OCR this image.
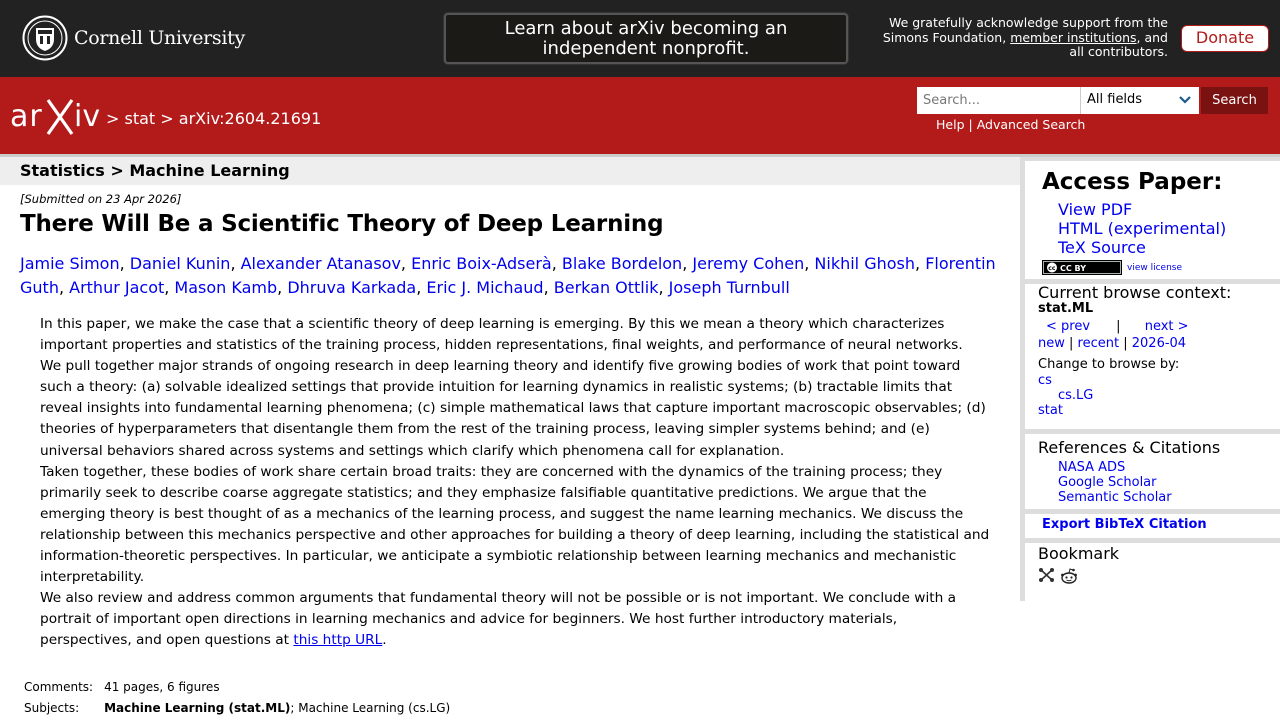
Cornell University	Learn about arXiv becoming an independent nonprofit.
We gratefully acknowledge support from the Simons Foundation, member institutions, and all contributors.
Donate
ar iv > stat > arXiv:2604.21691
Search...
All fields	Search
Help | Advanced Search
Statistics > Machine Learning
[Submitted on 23 Apr 2026]
There Will Be a Scientific Theory of Deep Learning
Jamie Simon, Daniel Kunin, Alexander Atanasov, Enric Boix-Adserà, Blake Bordelon, Jeremy Cohen, Nikhil Ghosh, Florentin Guth, Arthur Jacot, Mason Kamb, Dhruva Karkada, Eric J. Michaud, Berkan Ottlik, Joseph Turnbull
In this paper, we make the case that a scientific theory of deep learning is emerging. By this we mean a theory which characterizes important properties and statistics of the training process, hidden representations, final weights, and performance of neural networks.
We pull together major strands of ongoing research in deep learning theory and identify five growing bodies of work that point toward such a theory: (a) solvable idealized settings that provide intuition for learning dynamics in realistic systems; (b) tractable limits that reveal insights into fundamental learning phenomena; (c) simple mathematical laws that capture important macroscopic observables; (d) theories of hyperparameters that disentangle them from the rest of the training process, leaving simpler systems behind; and (e) universal behaviors shared across systems and settings which clarify which phenomena call for explanation.
Taken together, these bodies of work share certain broad traits: they are concerned with the dynamics of the training process; they primarily seek to describe coarse aggregate statistics; and they emphasize falsifiable quantitative predictions. We argue that the emerging theory is best thought of as a mechanics of the learning process, and suggest the name learning mechanics. We discuss the relationship between this mechanics perspective and other approaches for building a theory of deep learning, including the statistical and information-theoretic perspectives. In particular, we anticipate a symbiotic relationship between learning mechanics and mechanistic interpretability.
We also review and address common arguments that fundamental theory will not be possible or is not important. We conclude with a portrait of important open directions in learning mechanics and advice for beginners. We host further introductory materials, perspectives, and open questions at this http URL.
Comments:	41 pages, 6 figures
Subjects:	Machine Learning (stat.ML); Machine Learning (cs.LG)
Access Paper:
View PDF
HTML (experimental)
TeX Source
cc CC BY	view license
Current browse context:
stat.ML
< prev | next >
new | recent | 2026-04
Change to browse by:
cs
cs.LG
stat
References & Citations
NASA ADS
Google Scholar
Semantic Scholar
Export BibTeX Citation
Bookmark
